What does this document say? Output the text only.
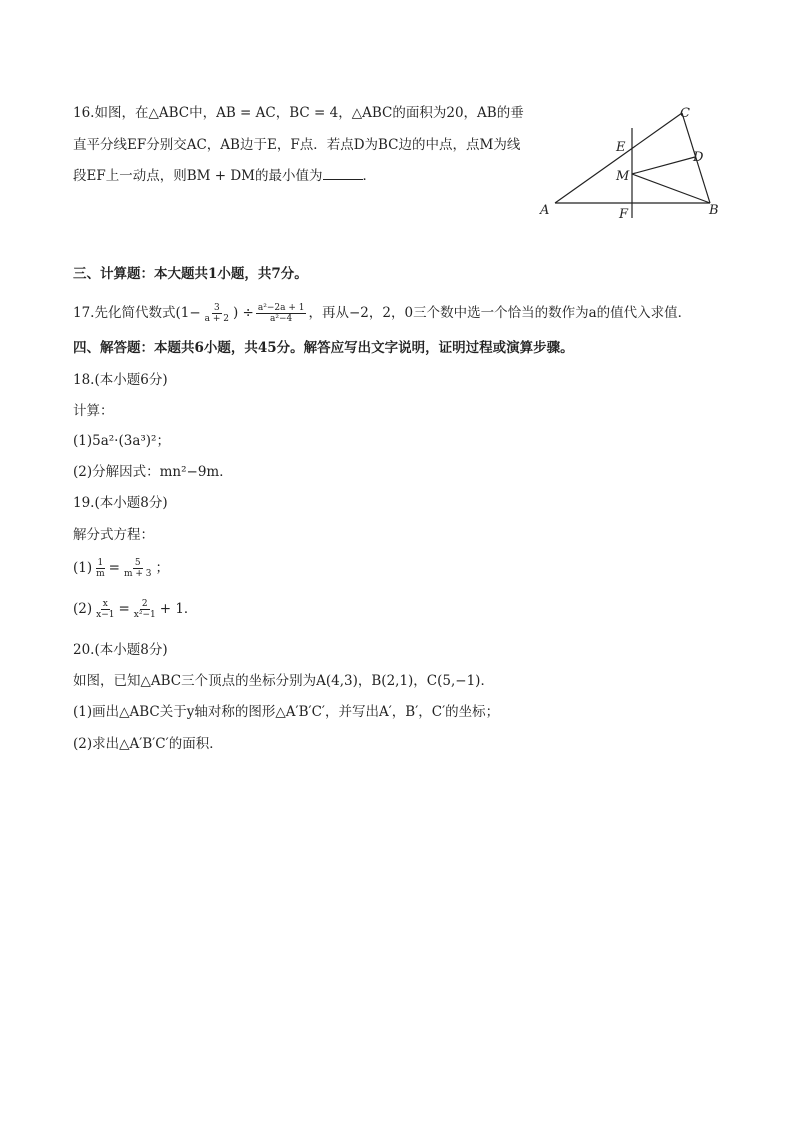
16.如图，在△ABC中，AB = AC，BC = 4，△ABC的面积为20，AB的垂
直平分线EF分别交AC，AB边于E，F点．若点D为BC边的中点，点M为线
段EF上一动点，则BM + DM的最小值为	．
A	B
C
D
E
F
M
三、计算题：本大题共1小题，共7分。
17.先化简代数式($1- \frac{3}{a + 2}$ ) ÷ $\frac{\text{a²−2a + 1}}{\text{a²−4}}$ ，再从−2，2，0三个数中选一个恰当的数作为a的值代入求值．
四、解答题：本题共6小题，共45分。解答应写出文字说明，证明过程或演算步骤。
18.(本小题6分)
计算：
(1)5a²·(3a³)²；
(2)分解因式：mn²−9m．
19.(本小题8分)
解分式方程：
$(1) \frac{1}{m} = \frac{5}{m + 3}$ ；
$(2) \frac{x}{x-1} = \frac{2}{\text{x²−1}} + 1$．
20.(本小题8分)
如图，已知△ABC三个顶点的坐标分别为A(4,3)，B(2,1)，C(5,−1)．
(1)画出△ABC关于y轴对称的图形△A′B′C′，并写出A′，B′，C′的坐标；
(2)求出△A′B′C′的面积．
